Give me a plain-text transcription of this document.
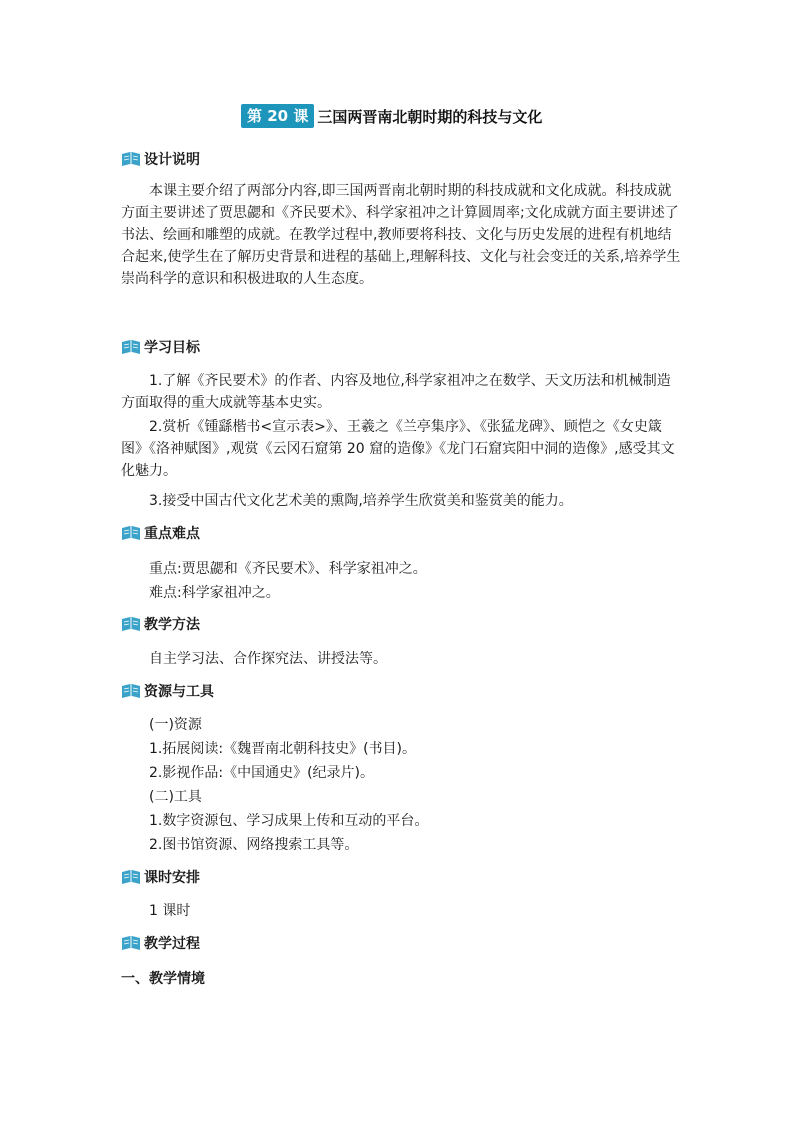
第 20 课 三国两晋南北朝时期的科技与文化
设计说明
本课主要介绍了两部分内容,即三国两晋南北朝时期的科技成就和文化成就。科技成就方面主要讲述了贾思勰和《齐民要术》、科学家祖冲之计算圆周率;文化成就方面主要讲述了书法、绘画和雕塑的成就。在教学过程中,教师要将科技、文化与历史发展的进程有机地结合起来,使学生在了解历史背景和进程的基础上,理解科技、文化与社会变迁的关系,培养学生崇尚科学的意识和积极进取的人生态度。
学习目标
1.了解《齐民要术》的作者、内容及地位,科学家祖冲之在数学、天文历法和机械制造方面取得的重大成就等基本史实。
2.赏析《锺繇楷书<宣示表>》、王羲之《兰亭集序》、《张猛龙碑》、顾恺之《女史箴图》《洛神赋图》,观赏《云冈石窟第 20 窟的造像》《龙门石窟宾阳中洞的造像》,感受其文化魅力。
3.接受中国古代文化艺术美的熏陶,培养学生欣赏美和鉴赏美的能力。
重点难点
重点:贾思勰和《齐民要术》、科学家祖冲之。
难点:科学家祖冲之。
教学方法
自主学习法、合作探究法、讲授法等。
资源与工具
(一)资源
1.拓展阅读:《魏晋南北朝科技史》(书目)。
2.影视作品:《中国通史》(纪录片)。
(二)工具
1.数字资源包、学习成果上传和互动的平台。
2.图书馆资源、网络搜索工具等。
课时安排
1 课时
教学过程
一、教学情境
